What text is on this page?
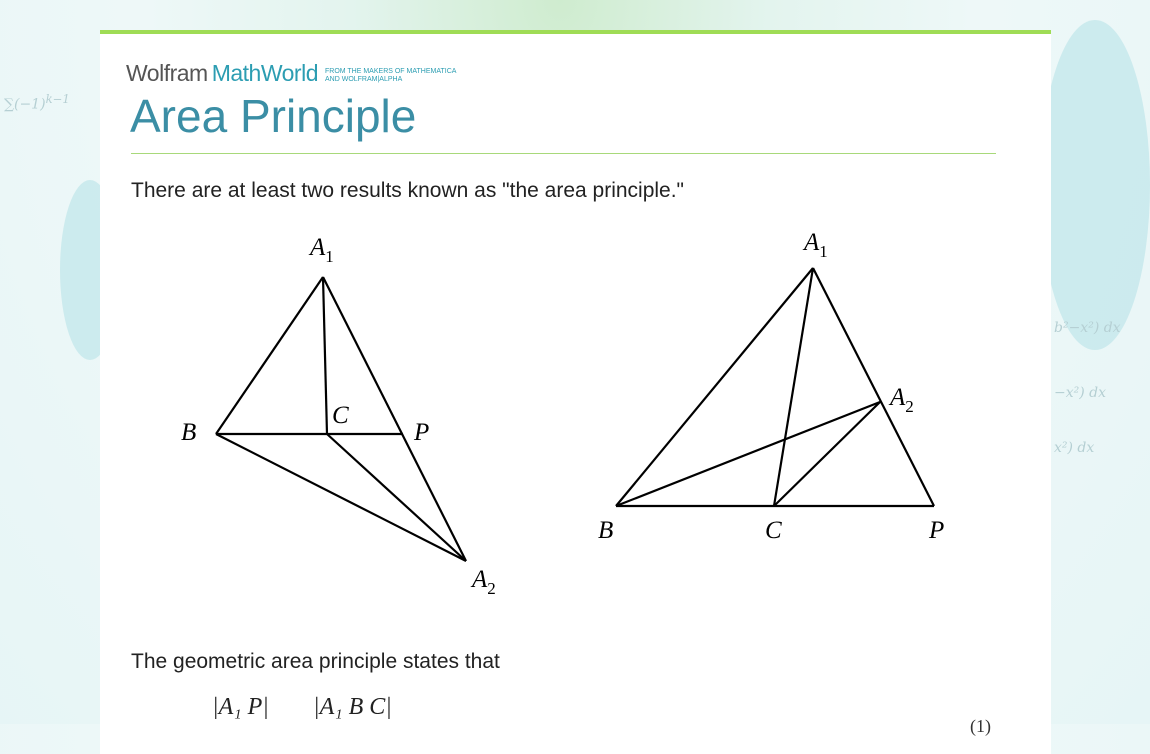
$\sum(-1)^{k-1}$
b²−x²) dx
−x²) dx
x²) dx
Wolfram MathWorld FROM THE MAKERS OF MATHEMATICA
AND WOLFRAM|ALPHA
Area Principle

There are at least two results known as "the area principle."

The geometric area principle states that

|A₁ P| |A₁ B C|
(1)
$A_1$
B
C
P
$A_2$
$A_1$
$A_2$
B	C	P
